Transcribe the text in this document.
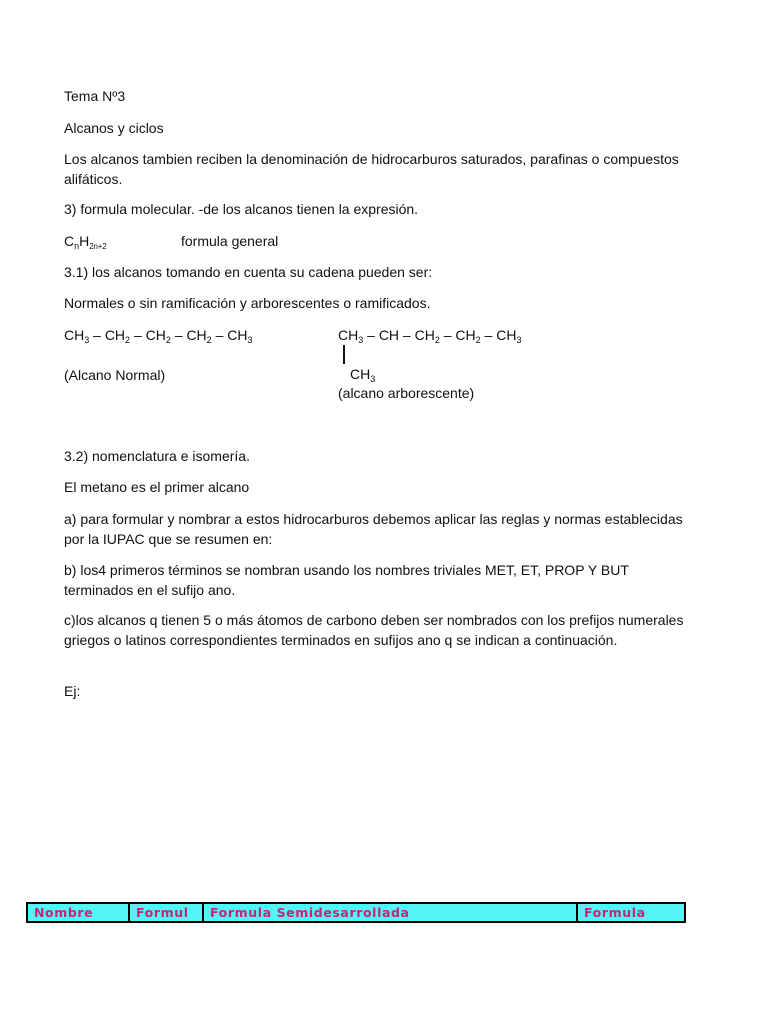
Tema Nº3
Alcanos y ciclos
Los alcanos tambien reciben la denominación de hidrocarburos saturados, parafinas o compuestos alifáticos.
3) formula molecular. -de los alcanos tienen la expresión.
$C_nH_{2n+2}$	formula general
3.1) los alcanos tomando en cuenta su cadena pueden ser:
Normales o sin ramificación y arborescentes o ramificados.
$CH_3 - CH_2 - CH_2 - CH_2 - CH_3$	$CH_3$ – CH – $CH_2 - CH_2 - CH_3$
(Alcano Normal)	$CH_3$
(alcano arborescente)
3.2) nomenclatura e isomería.
El metano es el primer alcano
a) para formular y nombrar a estos hidrocarburos debemos aplicar las reglas y normas establecidas por la IUPAC que se resumen en:
b) los4 primeros términos se nombran usando los nombres triviales MET, ET, PROP Y BUT terminados en el sufijo ano.
c)los alcanos q tienen 5 o más átomos de carbono deben ser nombrados con los prefijos numerales griegos o latinos correspondientes terminados en sufijos ano q se indican a continuación.
Ej:
Nombre	Formul	Formula Semidesarrollada	Formula
